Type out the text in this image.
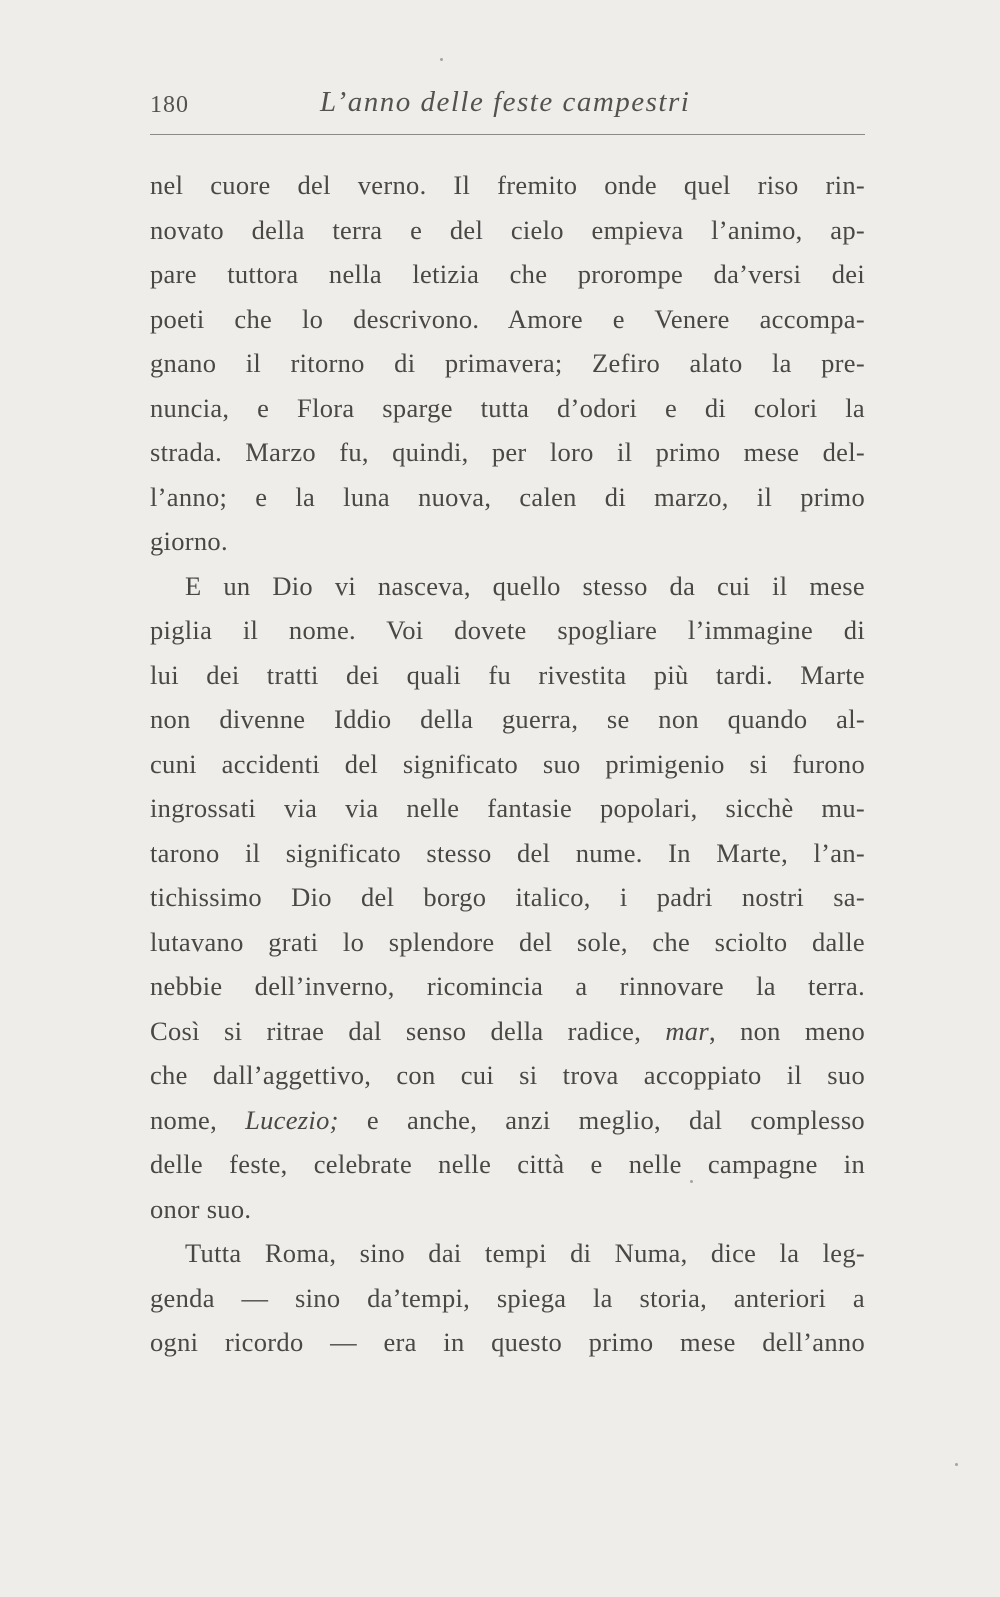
180	L’anno delle feste campestri
nel cuore del verno. Il fremito onde quel riso rin-
novato della terra e del cielo empieva l’animo, ap-
pare tuttora nella letizia che prorompe da’versi dei
poeti che lo descrivono. Amore e Venere accompa-
gnano il ritorno di primavera; Zefiro alato la pre-
nuncia, e Flora sparge tutta d’odori e di colori la
strada. Marzo fu, quindi, per loro il primo mese del-
l’anno; e la luna nuova, calen di marzo, il primo
giorno.
E un Dio vi nasceva, quello stesso da cui il mese
piglia il nome. Voi dovete spogliare l’immagine di
lui dei tratti dei quali fu rivestita più tardi. Marte
non divenne Iddio della guerra, se non quando al-
cuni accidenti del significato suo primigenio si furono
ingrossati via via nelle fantasie popolari, sicchè mu-
tarono il significato stesso del nume. In Marte, l’an-
tichissimo Dio del borgo italico, i padri nostri sa-
lutavano grati lo splendore del sole, che sciolto dalle
nebbie dell’inverno, ricomincia a rinnovare la terra.
Così si ritrae dal senso della radice, mar, non meno
che dall’aggettivo, con cui si trova accoppiato il suo
nome, Lucezio; e anche, anzi meglio, dal complesso
delle feste, celebrate nelle città e nelle campagne in
onor suo.
Tutta Roma, sino dai tempi di Numa, dice la leg-
genda — sino da’tempi, spiega la storia, anteriori a
ogni ricordo — era in questo primo mese dell’anno
